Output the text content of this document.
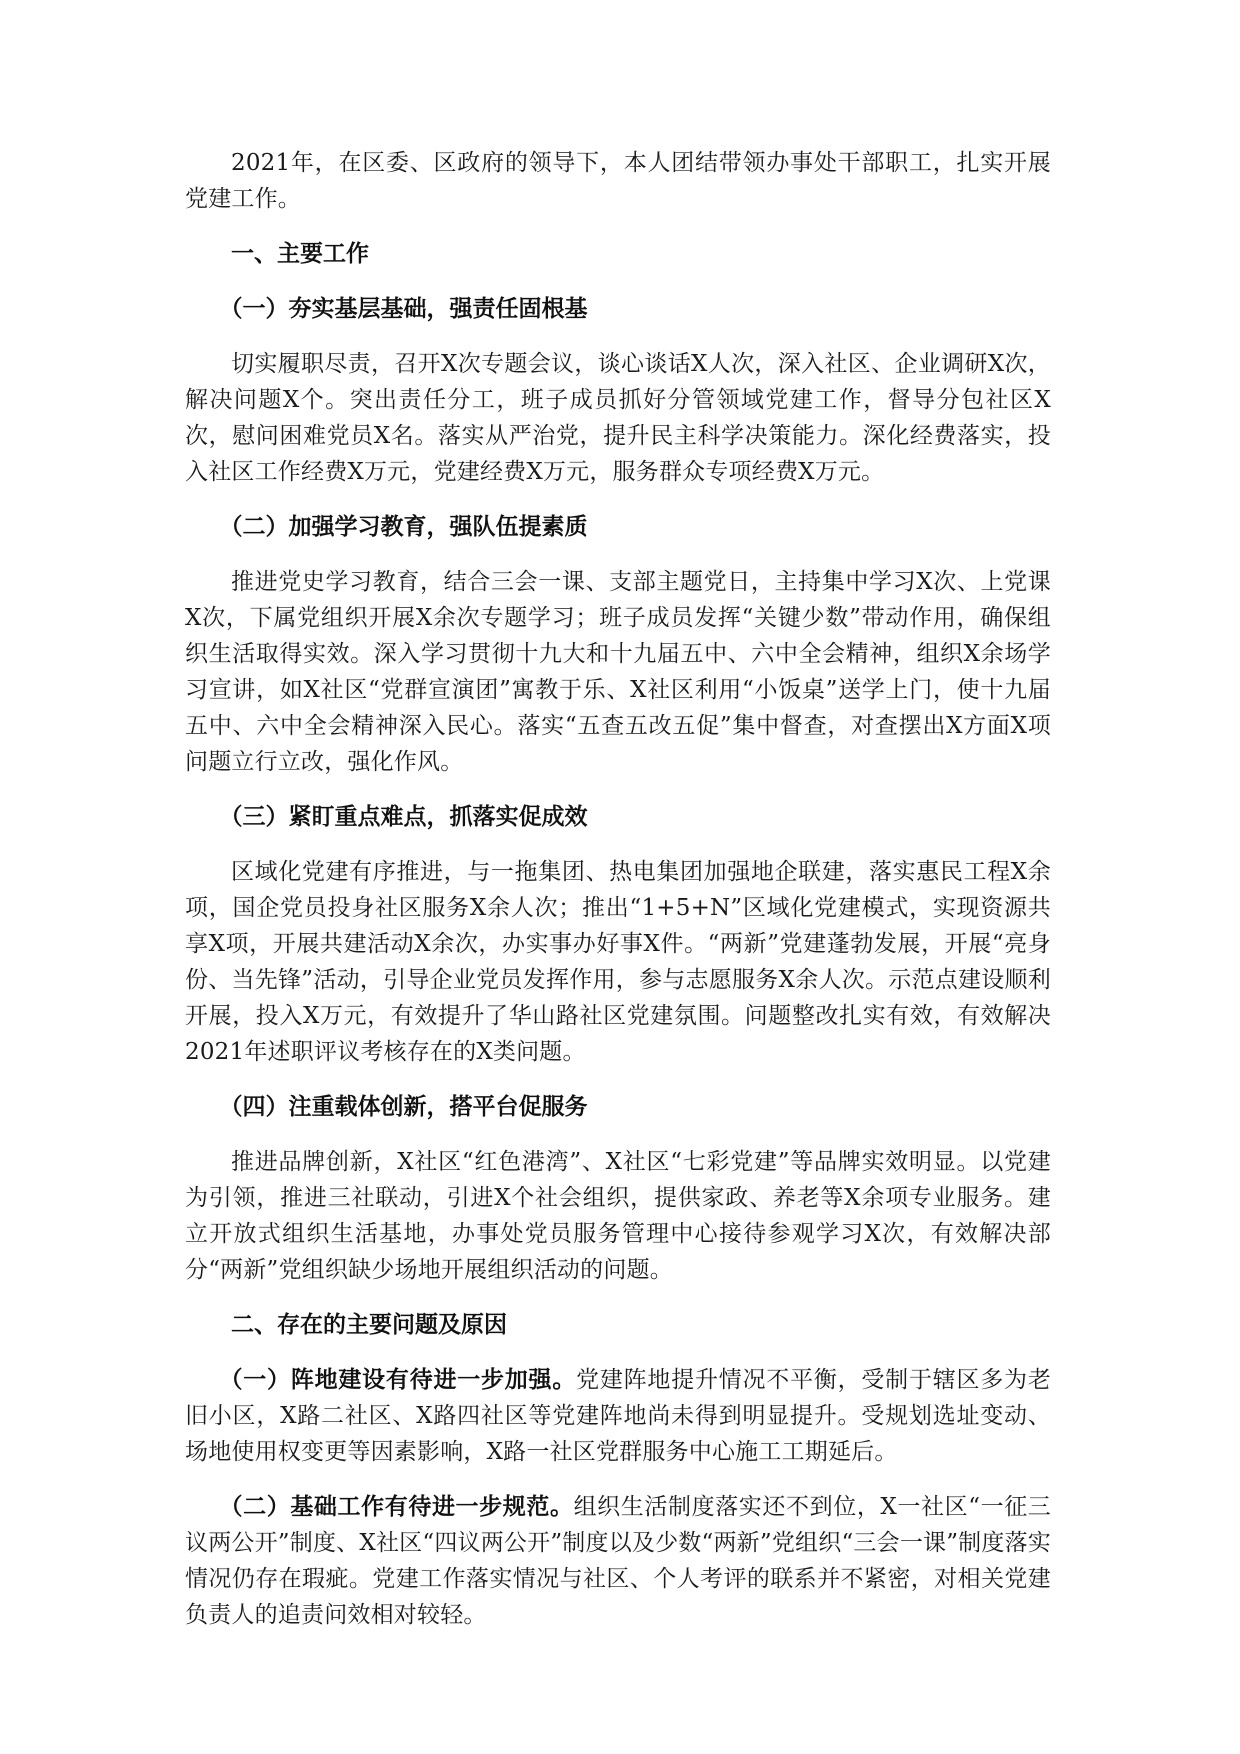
2021年，在区委、区政府的领导下，本人团结带领办事处干部职工，扎实开展党建工作。

一、主要工作

（一）夯实基层基础，强责任固根基

切实履职尽责，召开X次专题会议，谈心谈话X人次，深入社区、企业调研X次，解决问题X个。突出责任分工，班子成员抓好分管领域党建工作，督导分包社区X次，慰问困难党员X名。落实从严治党，提升民主科学决策能力。深化经费落实，投入社区工作经费X万元，党建经费X万元，服务群众专项经费X万元。

（二）加强学习教育，强队伍提素质

推进党史学习教育，结合三会一课、支部主题党日，主持集中学习X次、上党课X次，下属党组织开展X余次专题学习；班子成员发挥“关键少数”带动作用，确保组织生活取得实效。深入学习贯彻十九大和十九届五中、六中全会精神，组织X余场学习宣讲，如X社区“党群宣演团”寓教于乐、X社区利用“小饭桌”送学上门，使十九届五中、六中全会精神深入民心。落实“五查五改五促”集中督查，对查摆出X方面X项问题立行立改，强化作风。

（三）紧盯重点难点，抓落实促成效

区域化党建有序推进，与一拖集团、热电集团加强地企联建，落实惠民工程X余项，国企党员投身社区服务X余人次；推出“1+5+N”区域化党建模式，实现资源共享X项，开展共建活动X余次，办实事办好事X件。“两新”党建蓬勃发展，开展“亮身份、当先锋”活动，引导企业党员发挥作用，参与志愿服务X余人次。示范点建设顺利开展，投入X万元，有效提升了华山路社区党建氛围。问题整改扎实有效，有效解决2021年述职评议考核存在的X类问题。

（四）注重载体创新，搭平台促服务

推进品牌创新，X社区“红色港湾”、X社区“七彩党建”等品牌实效明显。以党建为引领，推进三社联动，引进X个社会组织，提供家政、养老等X余项专业服务。建立开放式组织生活基地，办事处党员服务管理中心接待参观学习X次，有效解决部分“两新”党组织缺少场地开展组织活动的问题。

二、存在的主要问题及原因

（一）阵地建设有待进一步加强。党建阵地提升情况不平衡，受制于辖区多为老旧小区，X路二社区、X路四社区等党建阵地尚未得到明显提升。受规划选址变动、场地使用权变更等因素影响，X路一社区党群服务中心施工工期延后。

（二）基础工作有待进一步规范。组织生活制度落实还不到位，X一社区“一征三议两公开”制度、X社区“四议两公开”制度以及少数“两新”党组织“三会一课”制度落实情况仍存在瑕疵。党建工作落实情况与社区、个人考评的联系并不紧密，对相关党建负责人的追责问效相对较轻。
